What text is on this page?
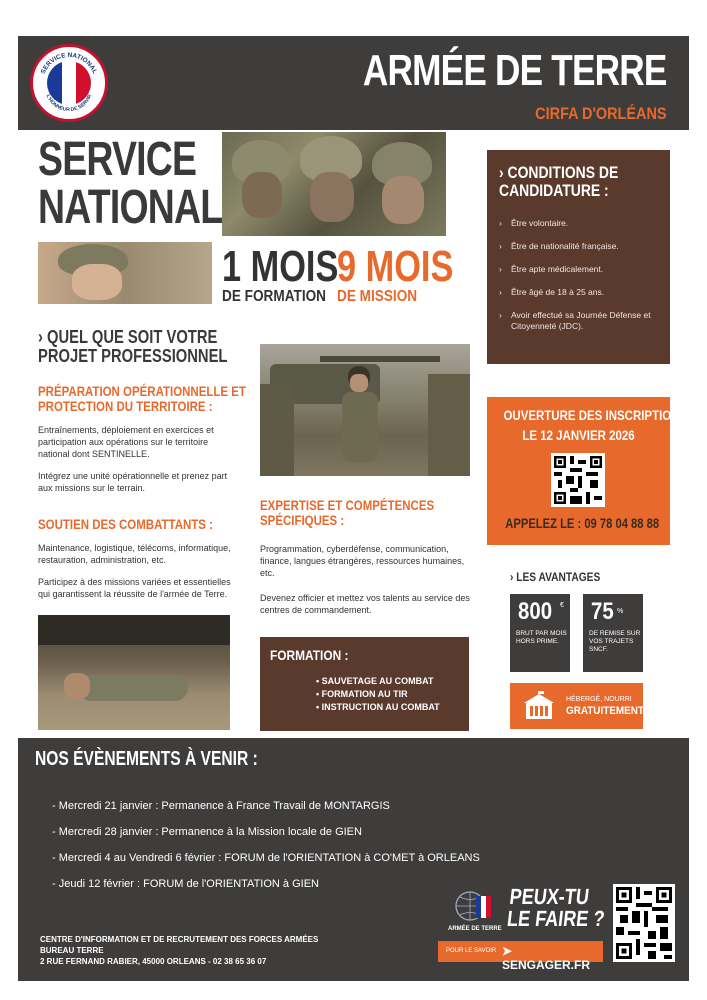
SERVICE NATIONAL
L'HONNEUR DE SERVIR
ARMÉE DE TERRE
CIRFA D'ORLÉANS
SERVICE
NATIONAL
1 MOIS
DE FORMATION
9 MOIS
DE MISSION
› CONDITIONS DE
CANDIDATURE :
› Être volontaire.
› Être de nationalité française.
› Être apte médicalement.
› Être âgé de 18 à 25 ans.
› Avoir effectué sa Journée Défense et Citoyenneté (JDC).
OUVERTURE DES INSCRIPTIONS
LE 12 JANVIER 2026
APPELEZ LE : 09 78 04 88 88
› LES AVANTAGES
800 €
BRUT PAR MOIS HORS PRIME.
75 %
DE REMISE SUR VOS TRAJETS SNCF.
HÉBERGÉ, NOURRI
GRATUITEMENT.
› QUEL QUE SOIT VOTRE
PROJET PROFESSIONNEL
PRÉPARATION OPÉRATIONNELLE ET
PROTECTION DU TERRITOIRE :
Entraînements, déploiement en exercices et participation aux opérations sur le territoire national dont SENTINELLE.
Intégrez une unité opérationnelle et prenez part aux missions sur le terrain.
SOUTIEN DES COMBATTANTS :
Maintenance, logistique, télécoms, informatique, restauration, administration, etc.
Participez à des missions variées et essentielles qui garantissent la réussite de l'armée de Terre.
EXPERTISE ET COMPÉTENCES
SPÉCIFIQUES :
Programmation, cyberdéfense, communication, finance, langues étrangères, ressources humaines, etc.
Devenez officier et mettez vos talents au service des centres de commandement.
FORMATION :
• SAUVETAGE AU COMBAT
• FORMATION AU TIR
• INSTRUCTION AU COMBAT
NOS ÉVÈNEMENTS À VENIR :
- Mercredi 21 janvier : Permanence à France Travail de MONTARGIS
- Mercredi 28 janvier : Permanence à la Mission locale de GIEN
- Mercredi 4 au Vendredi 6 février : FORUM de l'ORIENTATION à CO'MET à ORLEANS
- Jeudi 12 février : FORUM de l'ORIENTATION à GIEN
CENTRE D'INFORMATION ET DE RECRUTEMENT DES FORCES ARMÉES
BUREAU TERRE
2 RUE FERNAND RABIER, 45000 ORLEANS - 02 38 65 36 07
ARMÉE DE TERRE
PEUX-TU
LE FAIRE ?
POUR LE SAVOIR ➤ SENGAGER.FR
